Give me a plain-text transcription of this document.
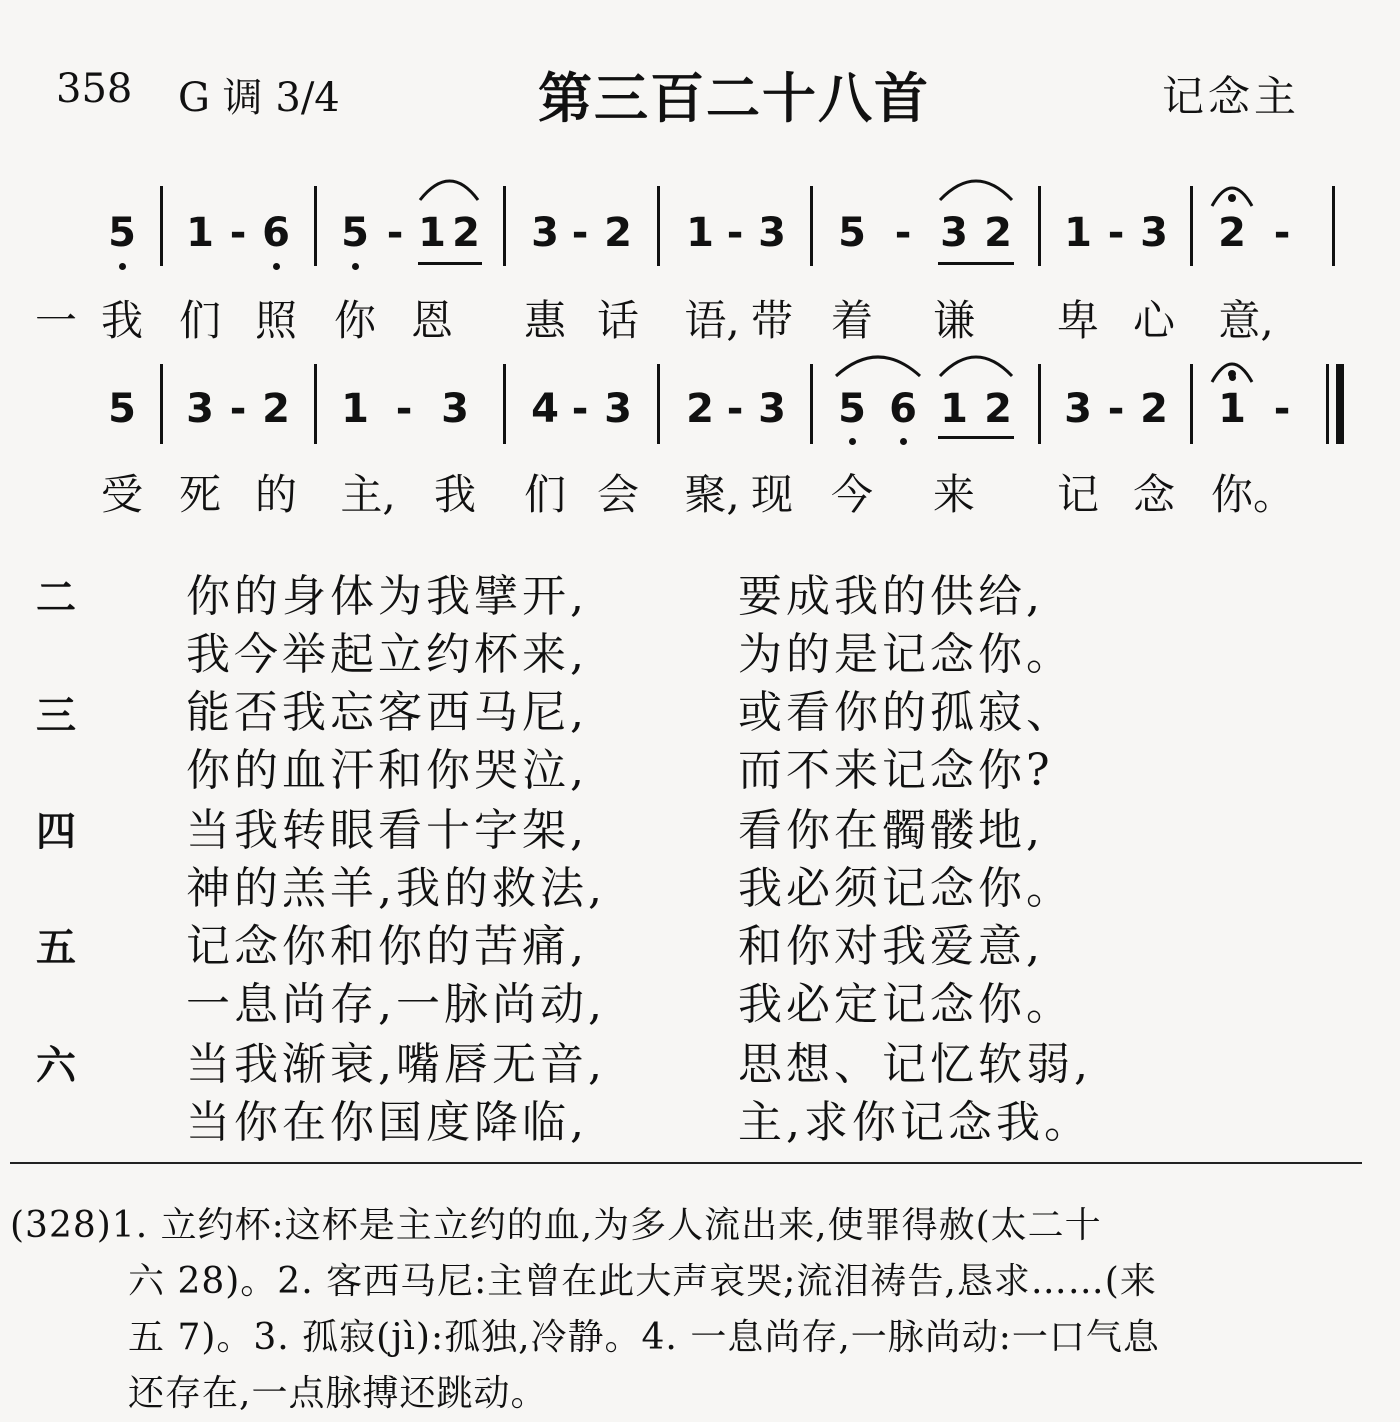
358 G 调 3/4	第三百二十八首	记念主
5 1 - 6 5 - 1 2 3 - 2 1 - 3 5 - 3 2 1 - 3 2 -
一 我 们 照 你 恩 惠 话 语, 带 着 谦 卑 心 意,
5 3 - 2 1 - 3 4 - 3 2 - 3 5 6 1 2 3 - 2 1 -
受 死 的 主, 我 们 会 聚, 现 今 来 记 念 你。
二	你的身体为我擘开,	要成我的供给,
我今举起立约杯来,	为的是记念你。
三	能否我忘客西马尼,	或看你的孤寂、
你的血汗和你哭泣,	而不来记念你?
四	当我转眼看十字架,	看你在髑髅地,
神的羔羊,我的救法,	我必须记念你。
五	记念你和你的苦痛,	和你对我爱意,
一息尚存,一脉尚动,	我必定记念你。
六	当我渐衰,嘴唇无音,	思想、记忆软弱,
当你在你国度降临,	主,求你记念我。
(328)1. 立约杯:这杯是主立约的血,为多人流出来,使罪得赦(太二十
六 28)。2. 客西马尼:主曾在此大声哀哭;流泪祷告,恳求……(来
五 7)。3. 孤寂(jì):孤独,冷静。4. 一息尚存,一脉尚动:一口气息
还存在,一点脉搏还跳动。
